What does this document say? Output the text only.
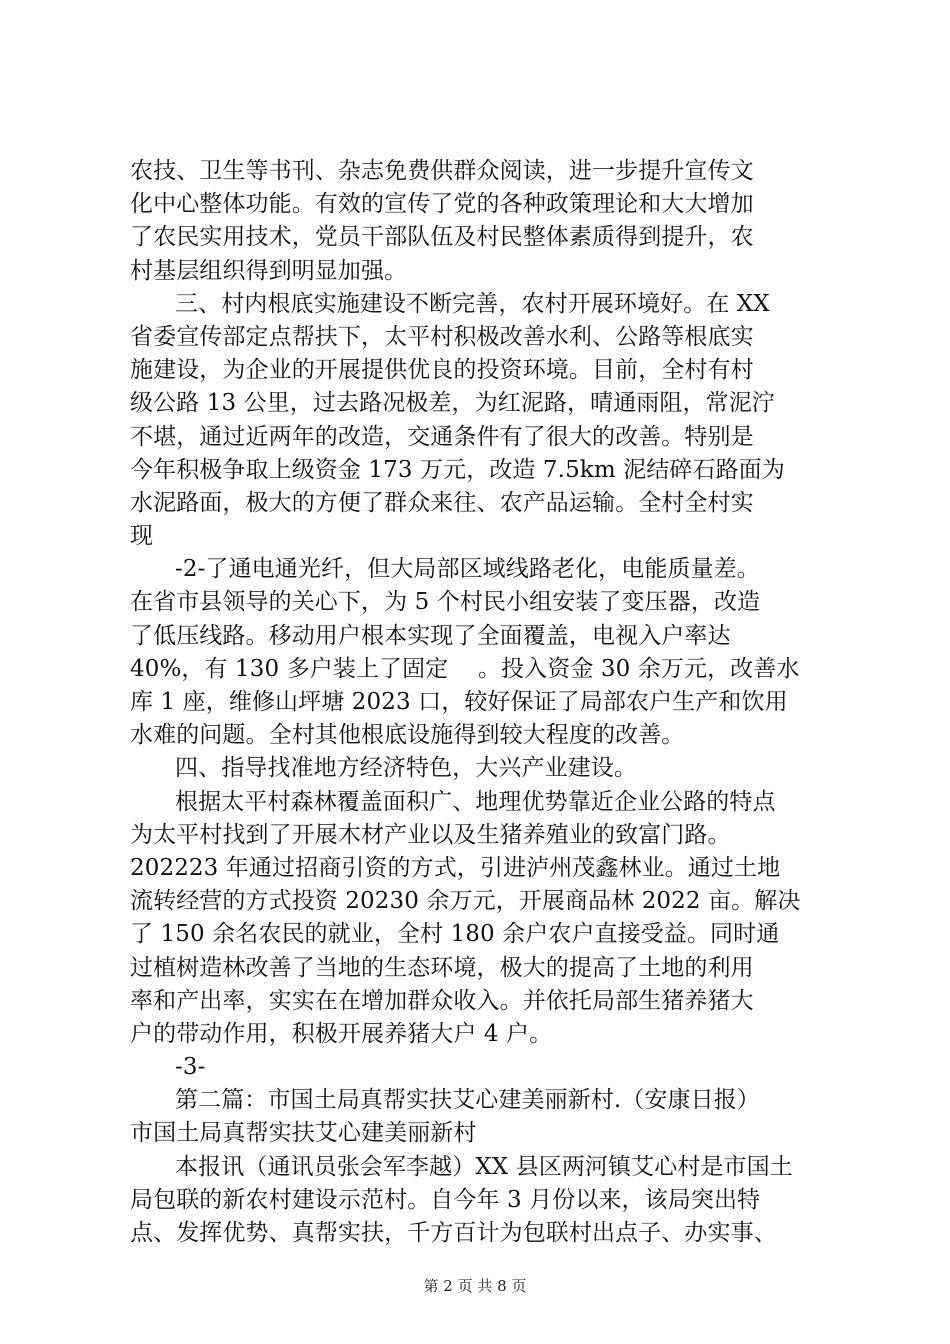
农技、卫生等书刊、杂志免费供群众阅读，进一步提升宣传文
化中心整体功能。有效的宣传了党的各种政策理论和大大增加
了农民实用技术，党员干部队伍及村民整体素质得到提升，农
村基层组织得到明显加强。
三、村内根底实施建设不断完善，农村开展环境好。在 XX
省委宣传部定点帮扶下，太平村积极改善水利、公路等根底实
施建设，为企业的开展提供优良的投资环境。目前，全村有村
级公路 13 公里，过去路况极差，为红泥路，晴通雨阻，常泥泞
不堪，通过近两年的改造，交通条件有了很大的改善。特别是
今年积极争取上级资金 173 万元，改造 7.5km 泥结碎石路面为
水泥路面，极大的方便了群众来往、农产品运输。全村全村实
现
-2-了通电通光纤，但大局部区域线路老化，电能质量差。
在省市县领导的关心下，为 5 个村民小组安装了变压器，改造
了低压线路。移动用户根本实现了全面覆盖，电视入户率达
40%，有 130 多户装上了固定    。投入资金 30 余万元，改善水
库 1 座，维修山坪塘 2023 口，较好保证了局部农户生产和饮用
水难的问题。全村其他根底设施得到较大程度的改善。
四、指导找准地方经济特色，大兴产业建设。
根据太平村森林覆盖面积广、地理优势靠近企业公路的特点
为太平村找到了开展木材产业以及生猪养殖业的致富门路。
202223 年通过招商引资的方式，引进泸州茂鑫林业。通过土地
流转经营的方式投资 20230 余万元，开展商品林 2022 亩。解决
了 150 余名农民的就业，全村 180 余户农户直接受益。同时通
过植树造林改善了当地的生态环境，极大的提高了土地的利用
率和产出率，实实在在增加群众收入。并依托局部生猪养猪大
户的带动作用，积极开展养猪大户 4 户。
-3-
第二篇：市国土局真帮实扶艾心建美丽新村.（安康日报）
市国土局真帮实扶艾心建美丽新村
本报讯（通讯员张会军李越）XX 县区两河镇艾心村是市国土
局包联的新农村建设示范村。自今年 3 月份以来，该局突出特
点、发挥优势、真帮实扶，千方百计为包联村出点子、办实事、
第 2 页 共 8 页
